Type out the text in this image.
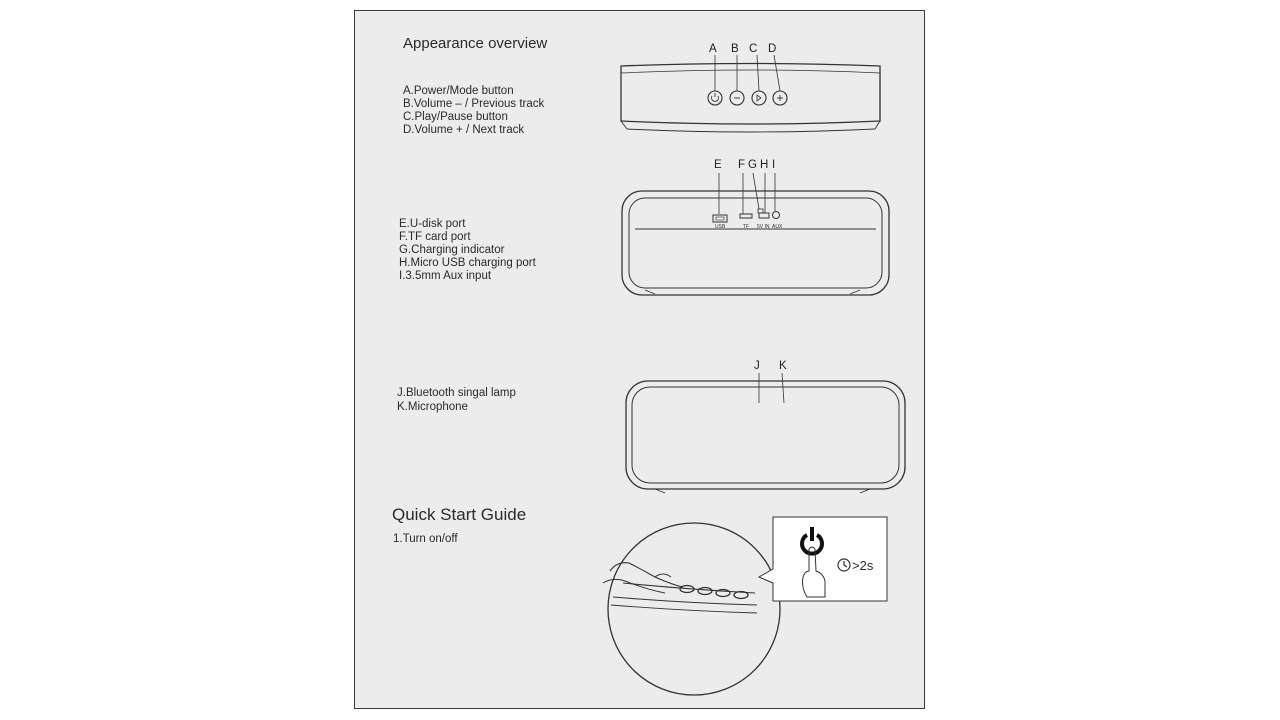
Appearance overview
A.Power/Mode button
B.Volume – / Previous track
C.Play/Pause button
D.Volume + / Next track
E.U-disk port
F.TF card port
G.Charging indicator
H.Micro USB charging port
I.3.5mm Aux input
J.Bluetooth singal lamp
K.Microphone
Quick Start Guide
1.Turn on/off
USB	TF 5V IN AUX
A B C D
E F G H I
J K
>2s
